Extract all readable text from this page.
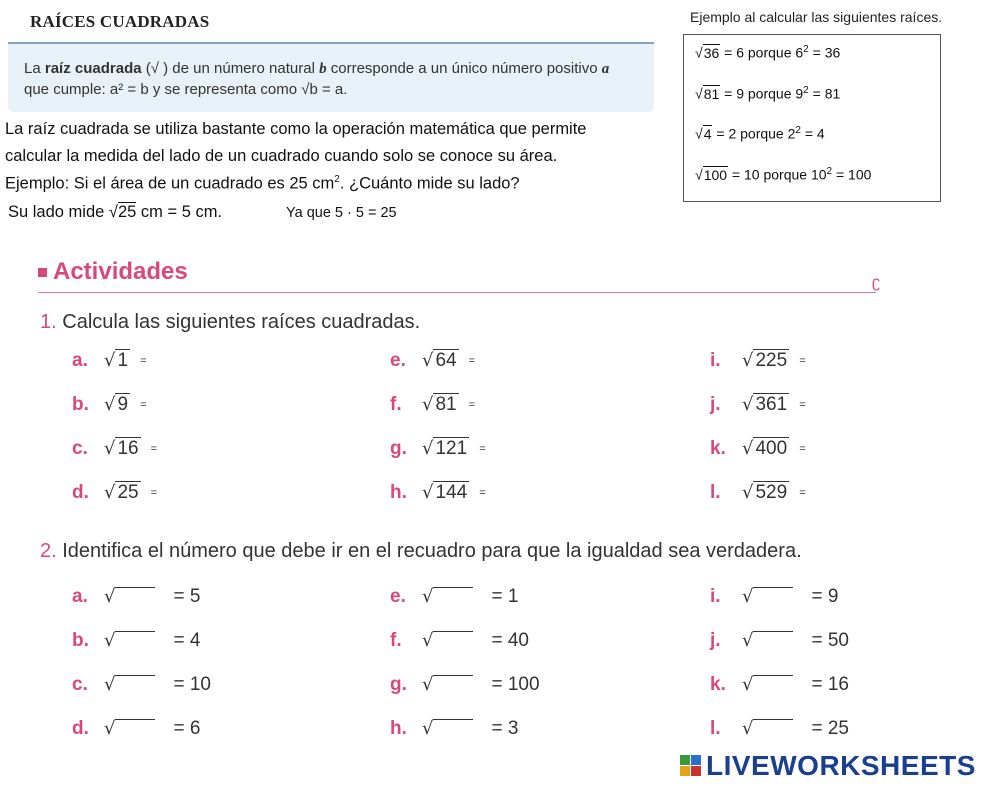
RAÍCES CUADRADAS
La raíz cuadrada (√ ) de un número natural b corresponde a un único número positivo a
que cumple: a² = b y se representa como √b = a.
La raíz cuadrada se utiliza bastante como la operación matemática que permite
calcular la medida del lado de un cuadrado cuando solo se conoce su área.
Ejemplo: Si el área de un cuadrado es 25 $cm^2$. ¿Cuánto mide su lado?
Su lado mide √25 cm = 5 cm.	Ya que 5 · 5 = 25
Ejemplo al calcular las siguientes raíces.
√36 = 6 porque $6^2 = 36$
√81 = 9 porque $9^2 = 81$
√4 = 2 porque $2^2 = 4$
√100 = 10 porque $10^2 = 100$
Actividades	ʗ
1. Calcula las siguientes raíces cuadradas.
a. √ 1 =
b. √ 9 =
c. √ 16 =
d. √ 25 =
e. √ 64 =
f. √ 81 =
g. √ 121 =
h. √ 144 =
i. √ 225 =
j. √ 361 =
k. √ 400 =
l. √ 529 =
2. Identifica el número que debe ir en el recuadro para que la igualdad sea verdadera.
a. √	= 5
b. √	= 4
c. √	= 10
d. √	= 6
e. √	= 1
f. √	= 40
g. √	= 100
h. √	= 3
i. √	= 9
j. √	= 50
k. √	= 16
l. √	= 25
LIVEWORKSHEETS
